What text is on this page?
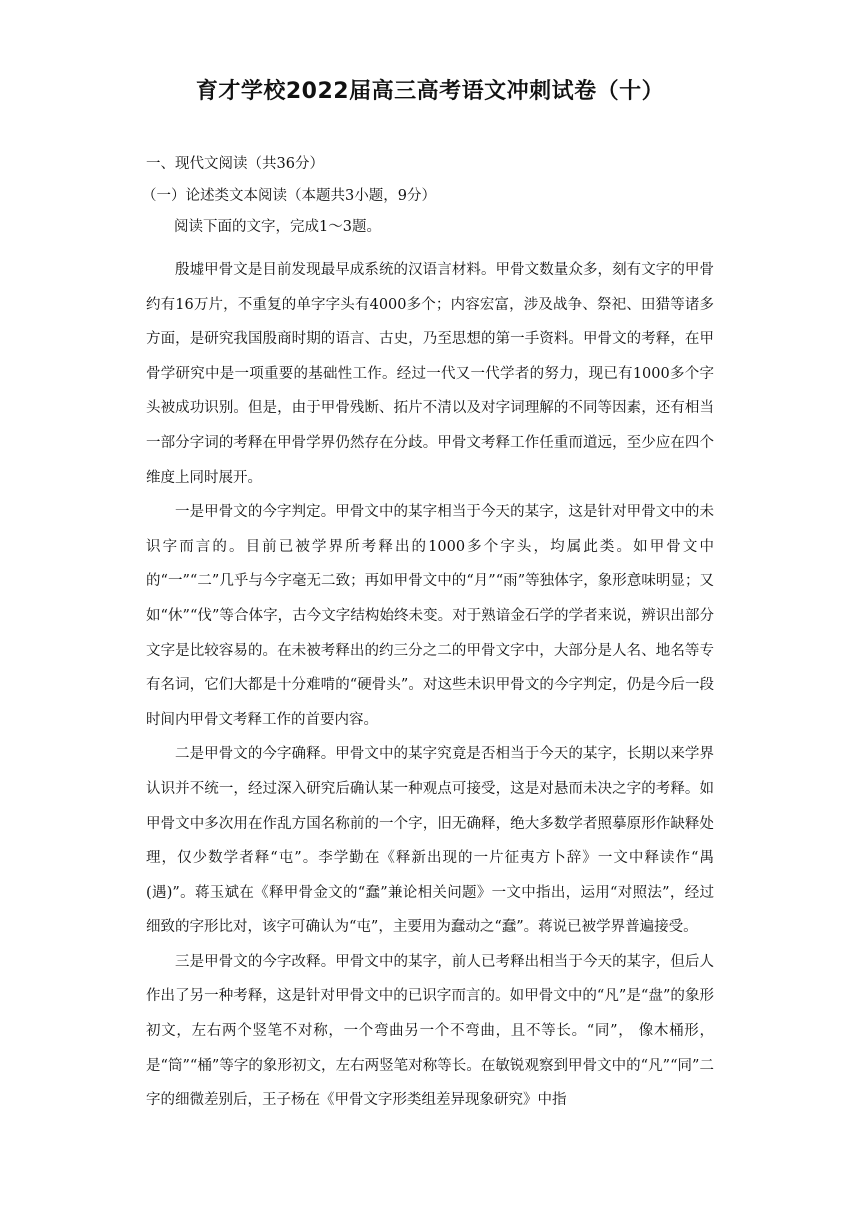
育才学校2022届高三高考语文冲刺试卷（十）
一、现代文阅读（共36分）
（一）论述类文本阅读（本题共3小题，9分）
阅读下面的文字，完成1～3题。

殷墟甲骨文是目前发现最早成系统的汉语言材料。甲骨文数量众多，刻有文字的甲骨约有16万片，不重复的单字字头有4000多个；内容宏富，涉及战争、祭祀、田猎等诸多方面，是研究我国殷商时期的语言、古史，乃至思想的第一手资料。甲骨文的考释，在甲骨学研究中是一项重要的基础性工作。经过一代又一代学者的努力，现已有1000多个字头被成功识别。但是，由于甲骨残断、拓片不清以及对字词理解的不同等因素，还有相当一部分字词的考释在甲骨学界仍然存在分歧。甲骨文考释工作任重而道远，至少应在四个维度上同时展开。

一是甲骨文的今字判定。甲骨文中的某字相当于今天的某字，这是针对甲骨文中的未识字而言的。目前已被学界所考释出的1000多个字头，均属此类。如甲骨文中的“一”“二”几乎与今字毫无二致；再如甲骨文中的“月”“雨”等独体字，象形意味明显；又如“休”“伐”等合体字，古今文字结构始终未变。对于熟谙金石学的学者来说，辨识出部分文字是比较容易的。在未被考释出的约三分之二的甲骨文字中，大部分是人名、地名等专有名词，它们大都是十分难啃的“硬骨头”。对这些未识甲骨文的今字判定，仍是今后一段时间内甲骨文考释工作的首要内容。

二是甲骨文的今字确释。甲骨文中的某字究竟是否相当于今天的某字，长期以来学界认识并不统一，经过深入研究后确认某一种观点可接受，这是对悬而未决之字的考释。如甲骨文中多次用在作乱方国名称前的一个字，旧无确释，绝大多数学者照摹原形作缺释处理，仅少数学者释“屯”。李学勤在《释新出现的一片征夷方卜辞》一文中释读作“禺(遇)”。蒋玉斌在《释甲骨金文的“蠢”兼论相关问题》一文中指出，运用“对照法”，经过细致的字形比对，该字可确认为“屯”，主要用为蠢动之“蠢”。蒋说已被学界普遍接受。

三是甲骨文的今字改释。甲骨文中的某字，前人已考释出相当于今天的某字，但后人作出了另一种考释，这是针对甲骨文中的已识字而言的。如甲骨文中的“凡”是“盘”的象形初文，左右两个竖笔不对称，一个弯曲另一个不弯曲，且不等长。“同”， 像木桶形，是“筒”“桶”等字的象形初文，左右两竖笔对称等长。在敏锐观察到甲骨文中的“凡”“同”二字的细微差别后，王子杨在《甲骨文字形类组差异现象研究》中指
